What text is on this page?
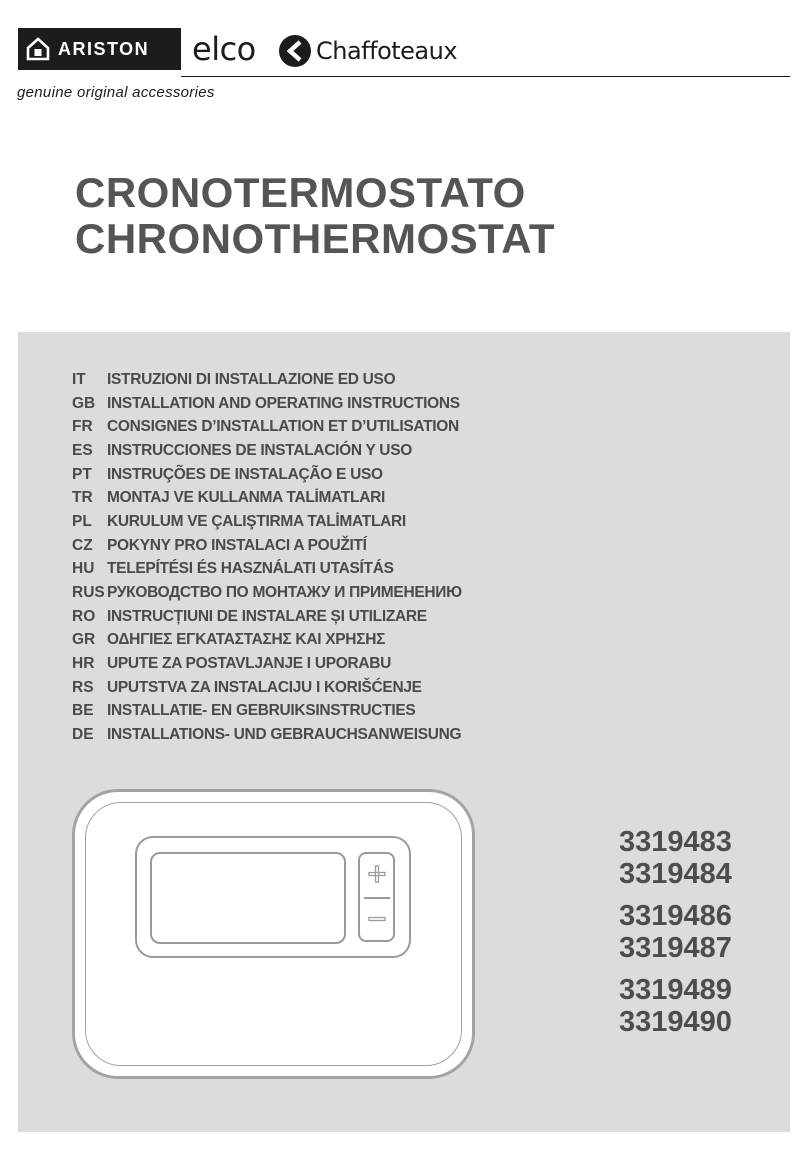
ARISTON elco	Chaffoteaux
genuine original accessories
CRONOTERMOSTATO
CHRONOTHERMOSTAT
IT	ISTRUZIONI DI INSTALLAZIONE ED USO
GB INSTALLATION AND OPERATING INSTRUCTIONS
FR CONSIGNES D’INSTALLATION ET D’UTILISATION
ES INSTRUCCIONES DE INSTALACIÓN Y USO
PT INSTRUÇÕES DE INSTALAÇÃO E USO
TR MONTAJ VE KULLANMA TALİMATLARI
PL KURULUM VE ÇALIŞTIRMA TALİMATLARI
CZ POKYNY PRO INSTALACI A POUŽITÍ
HU TELEPÍTÉSI ÉS HASZNÁLATI UTASÍTÁS
RUS РУКОВОДСТВО ПО МОНТАЖУ И ПРИМЕНЕНИЮ
RO INSTRUCȚIUNI DE INSTALARE ȘI UTILIZARE
GR ΟΔΗΓΙΕΣ ΕΓΚΑΤΑΣΤΑΣΗΣ ΚΑΙ ΧΡΗΣΗΣ
HR UPUTE ZA POSTAVLJANJE I UPORABU
RS UPUTSTVA ZA INSTALACIJU I KORIŠĆENJE
BE INSTALLATIE- EN GEBRUIKSINSTRUCTIES
DE INSTALLATIONS- UND GEBRAUCHSANWEISUNG
3319483
3319484
3319486
3319487
3319489
3319490
